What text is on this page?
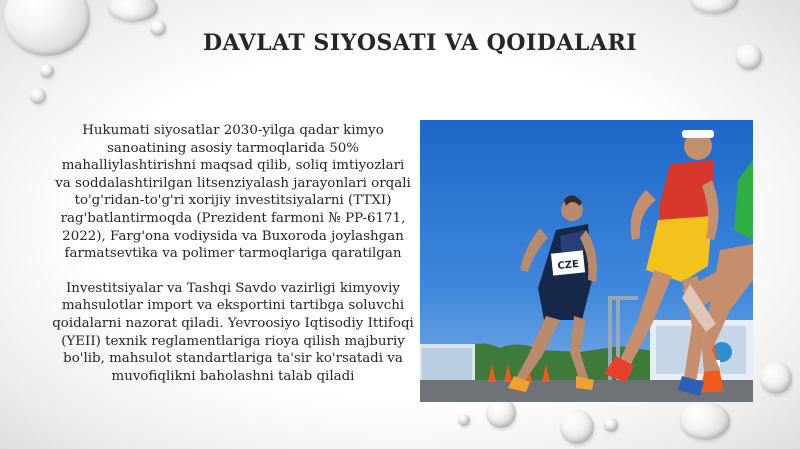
DAVLAT SIYOSATI VA QOIDALARI

Hukumati siyosatlar 2030-yilga qadar kimyo sanoatining asosiy tarmoqlarida 50% mahalliylashtirishni maqsad qilib, soliq imtiyozlari va soddalashtirilgan litsenziyalash jarayonlari orqali to'g'ridan-to'g'ri xorijiy investitsiyalarni (TTXI) rag'batlantirmoqda (Prezident farmoni № PP-6171, 2022), Farg'ona vodiysida va Buxoroda joylashgan farmatsevtika va polimer tarmoqlariga qaratilgan

Investitsiyalar va Tashqi Savdo vazirligi kimyoviy mahsulotlar import va eksportini tartibga soluvchi qoidalarni nazorat qiladi. Yevroosiyo Iqtisodiy Ittifoqi (YEII) texnik reglamentlariga rioya qilish majburiy bo'lib, mahsulot standartlariga ta'sir ko'rsatadi va muvofiqlikni baholashni talab qiladi

CZE
